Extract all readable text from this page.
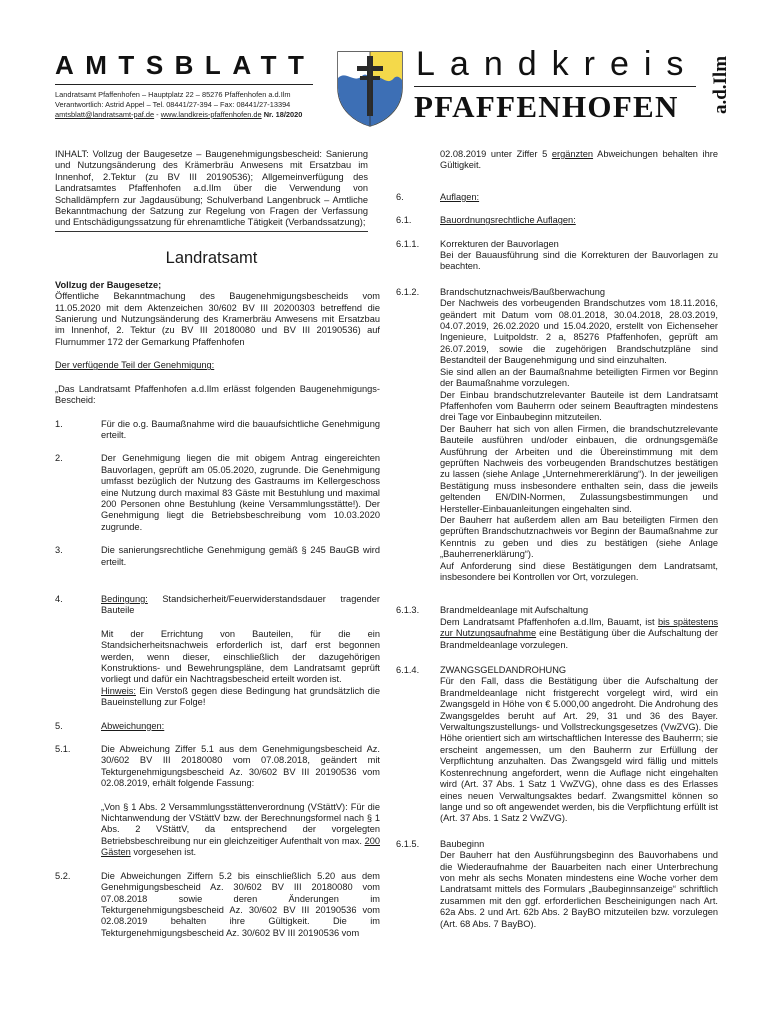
AMTSBLATT
Landratsamt Pfaffenhofen – Hauptplatz 22 – 85276 Pfaffenhofen a.d.Ilm
Verantwortlich: Astrid Appel – Tel. 08441/27-394 – Fax: 08441/27-13394
amtsblatt@landratsamt-paf.de - www.landkreis-pfaffenhofen.de Nr. 18/2020
Landkreis
PFAFFENHOFEN a.d.Ilm
INHALT: Vollzug der Baugesetze – Baugenehmigungsbescheid: Sanierung und Nutzungsänderung des Krämerbräu Anwesens mit Ersatzbau im Innenhof, 2.Tektur (zu BV III 20190536); Allgemeinverfügung des Landratsamtes Pfaffenhofen a.d.Ilm über die Verwendung von Schalldämpfern zur Jagdausübung; Schulverband Langenbruck – Amtliche Bekanntmachung der Satzung zur Regelung von Fragen der Verfassung und Entschädigungssatzung für ehrenamtliche Tätigkeit (Verbandssatzung);
Landratsamt
Vollzug der Baugesetze;
Öffentliche Bekanntmachung des Baugenehmigungsbescheids vom 11.05.2020 mit dem Aktenzeichen 30/602 BV III 20200303 betreffend die Sanierung und Nutzungsänderung des Kramerbräu Anwesens mit Ersatzbau im Innenhof, 2. Tektur (zu BV III 20180080 und BV III 20190536) auf Flurnummer 172 der Gemarkung Pfaffenhofen
Der verfügende Teil der Genehmigung:
„Das Landratsamt Pfaffenhofen a.d.Ilm erlässt folgenden Baugenehmigungs-Bescheid:
1.	Für die o.g. Baumaßnahme wird die bauaufsichtliche Genehmigung erteilt.
2.	Der Genehmigung liegen die mit obigem Antrag eingereichten Bauvorlagen, geprüft am 05.05.2020, zugrunde. Die Genehmigung umfasst bezüglich der Nutzung des Gastraums im Kellergeschoss eine Nutzung durch maximal 83 Gäste mit Bestuhlung und maximal 200 Personen ohne Bestuhlung (keine Versammlungsstätte!). Der Genehmigung liegt die Betriebsbeschreibung vom 10.03.2020 zugrunde.
3.	Die sanierungsrechtliche Genehmigung gemäß § 245 BauGB wird erteilt.
4.	Bedingung: Standsicherheit/Feuerwiderstandsdauer tragender Bauteile
Mit der Errichtung von Bauteilen, für die ein Standsicherheitsnachweis erforderlich ist, darf erst begonnen werden, wenn dieser, einschließlich der dazugehörigen Konstruktions- und Bewehrungspläne, dem Landratsamt geprüft vorliegt und dafür ein Nachtragsbescheid erteilt worden ist.
Hinweis: Ein Verstoß gegen diese Bedingung hat grundsätzlich die Baueinstellung zur Folge!
5.	Abweichungen:
5.1.	Die Abweichung Ziffer 5.1 aus dem Genehmigungsbescheid Az. 30/602 BV III 20180080 vom 07.08.2018, geändert mit Tekturgenehmigungsbescheid Az. 30/602 BV III 20190536 vom 02.08.2019, erhält folgende Fassung:
„Von § 1 Abs. 2 Versammlungsstättenverordnung (VStättV): Für die Nichtanwendung der VStättV bzw. der Berechnungsformel nach § 1 Abs. 2 VStättV, da entsprechend der vorgelegten Betriebsbeschreibung nur ein gleichzeitiger Aufenthalt von max. 200 Gästen vorgesehen ist.
5.2.	Die Abweichungen Ziffern 5.2 bis einschließlich 5.20 aus dem Genehmigungsbescheid Az. 30/602 BV III 20180080 vom 07.08.2018 sowie deren Änderungen im Tekturgenehmigungsbescheid Az. 30/602 BV III 20190536 vom 02.08.2019 behalten ihre Gültigkeit. Die im Tekturgenehmigungsbescheid Az. 30/602 BV III 20190536 vom
02.08.2019 unter Ziffer 5 ergänzten Abweichungen behalten ihre Gültigkeit.
6.	Auflagen:
6.1.	Bauordnungsrechtliche Auflagen:
6.1.1.	Korrekturen der Bauvorlagen
Bei der Bauausführung sind die Korrekturen der Bauvorlagen zu beachten.
6.1.2.	Brandschutznachweis/Baußberwachung
Der Nachweis des vorbeugenden Brandschutzes vom 18.11.2016, geändert mit Datum vom 08.01.2018, 30.04.2018, 28.03.2019, 04.07.2019, 26.02.2020 und 15.04.2020, erstellt von Eichenseher Ingenieure, Luitpoldstr. 2 a, 85276 Pfaffenhofen, geprüft am 26.07.2019, sowie die zugehörigen Brandschutzpläne sind Bestandteil der Baugenehmigung und sind einzuhalten.
Sie sind allen an der Baumaßnahme beteiligten Firmen vor Beginn der Baumaßnahme vorzulegen.
Der Einbau brandschutzrelevanter Bauteile ist dem Landratsamt Pfaffenhofen vom Bauherrn oder seinem Beauftragten mindestens drei Tage vor Einbaubeginn mitzuteilen.
Der Bauherr hat sich von allen Firmen, die brandschutzrelevante Bauteile ausführen und/oder einbauen, die ordnungsgemäße Ausführung der Arbeiten und die Übereinstimmung mit dem geprüften Nachweis des vorbeugenden Brandschutzes bestätigen zu lassen (siehe Anlage „Unternehmererklärung“). In der jeweiligen Bestätigung muss insbesondere enthalten sein, dass die jeweils geltenden EN/DIN-Normen, Zulassungsbestimmungen und Hersteller-Einbauanleitungen eingehalten sind.
Der Bauherr hat außerdem allen am Bau beteiligten Firmen den geprüften Brandschutznachweis vor Beginn der Baumaßnahme zur Kenntnis zu geben und dies zu bestätigen (siehe Anlage „Bauherrenerklärung“).
Auf Anforderung sind diese Bestätigungen dem Landratsamt, insbesondere bei Kontrollen vor Ort, vorzulegen.
6.1.3.	Brandmeldeanlage mit Aufschaltung
Dem Landratsamt Pfaffenhofen a.d.Ilm, Bauamt, ist bis spätestens zur Nutzungsaufnahme eine Bestätigung über die Aufschaltung der Brandmeldeanlage vorzulegen.
6.1.4.	ZWANGSGELDANDROHUNG
Für den Fall, dass die Bestätigung über die Aufschaltung der Brandmeldeanlage nicht fristgerecht vorgelegt wird, wird ein Zwangsgeld in Höhe von € 5.000,00 angedroht. Die Androhung des Zwangsgeldes beruht auf Art. 29, 31 und 36 des Bayer. Verwaltungszustellungs- und Vollstreckungsgesetzes (VwZVG). Die Höhe orientiert sich am wirtschaftlichen Interesse des Bauherrn; sie erscheint angemessen, um den Bauherrn zur Erfüllung der Verpflichtung anzuhalten. Das Zwangsgeld wird fällig und mittels Kostenrechnung angefordert, wenn die Auflage nicht eingehalten wird (Art. 37 Abs. 1 Satz 1 VwZVG), ohne dass es des Erlasses eines neuen Verwaltungsaktes bedarf. Zwangsmittel können so lange und so oft angewendet werden, bis die Verpflichtung erfüllt ist (Art. 37 Abs. 1 Satz 2 VwZVG).
6.1.5.	Baubeginn
Der Bauherr hat den Ausführungsbeginn des Bauvorhabens und die Wiederaufnahme der Bauarbeiten nach einer Unterbrechung von mehr als sechs Monaten mindestens eine Woche vorher dem Landratsamt mittels des Formulars „Baubeginnsanzeige“ schriftlich zusammen mit den ggf. erforderlichen Bescheinigungen nach Art. 62a Abs. 2 und Art. 62b Abs. 2 BayBO mitzuteilen bzw. vorzulegen (Art. 68 Abs. 7 BayBO).
